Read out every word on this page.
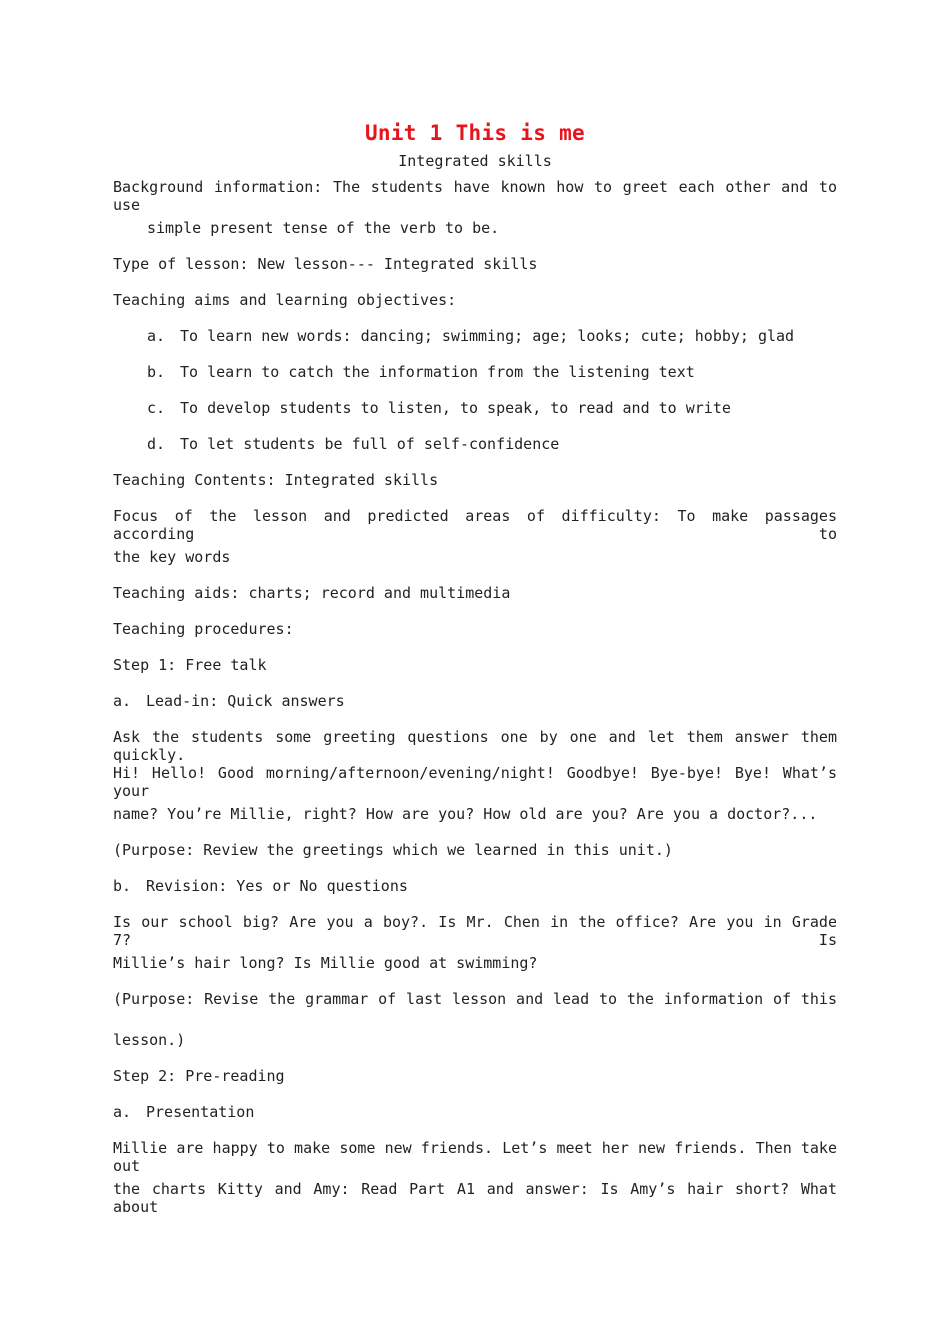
Unit 1 This is me
Integrated skills
Background information: The students have known how to greet each other and to use
simple present tense of the verb to be.
Type of lesson: New lesson--- Integrated skills
Teaching aims and learning objectives:
a. To learn new words: dancing; swimming; age; looks; cute; hobby; glad
b. To learn to catch the information from the listening text
c. To develop students to listen, to speak, to read and to write
d. To let students be full of self-confidence
Teaching Contents: Integrated skills
Focus of the lesson and predicted areas of difficulty: To make passages according to
the key words
Teaching aids: charts; record and multimedia
Teaching procedures:
Step 1: Free talk
a. Lead-in: Quick answers
Ask the students some greeting questions one by one and let them answer them quickly.
Hi! Hello! Good morning/afternoon/evening/night! Goodbye! Bye-bye! Bye! What’s your
name? You’re Millie, right? How are you? How old are you? Are you a doctor?...
(Purpose: Review the greetings which we learned in this unit.)
b. Revision: Yes or No questions
Is our school big? Are you a boy?. Is Mr. Chen in the office? Are you in Grade 7? Is
Millie’s hair long? Is Millie good at swimming?
(Purpose: Revise the grammar of last lesson and lead to the information of this
lesson.)
Step 2: Pre-reading
a. Presentation
Millie are happy to make some new friends. Let’s meet her new friends. Then take out
the charts Kitty and Amy: Read Part A1 and answer: Is Amy’s hair short? What about
